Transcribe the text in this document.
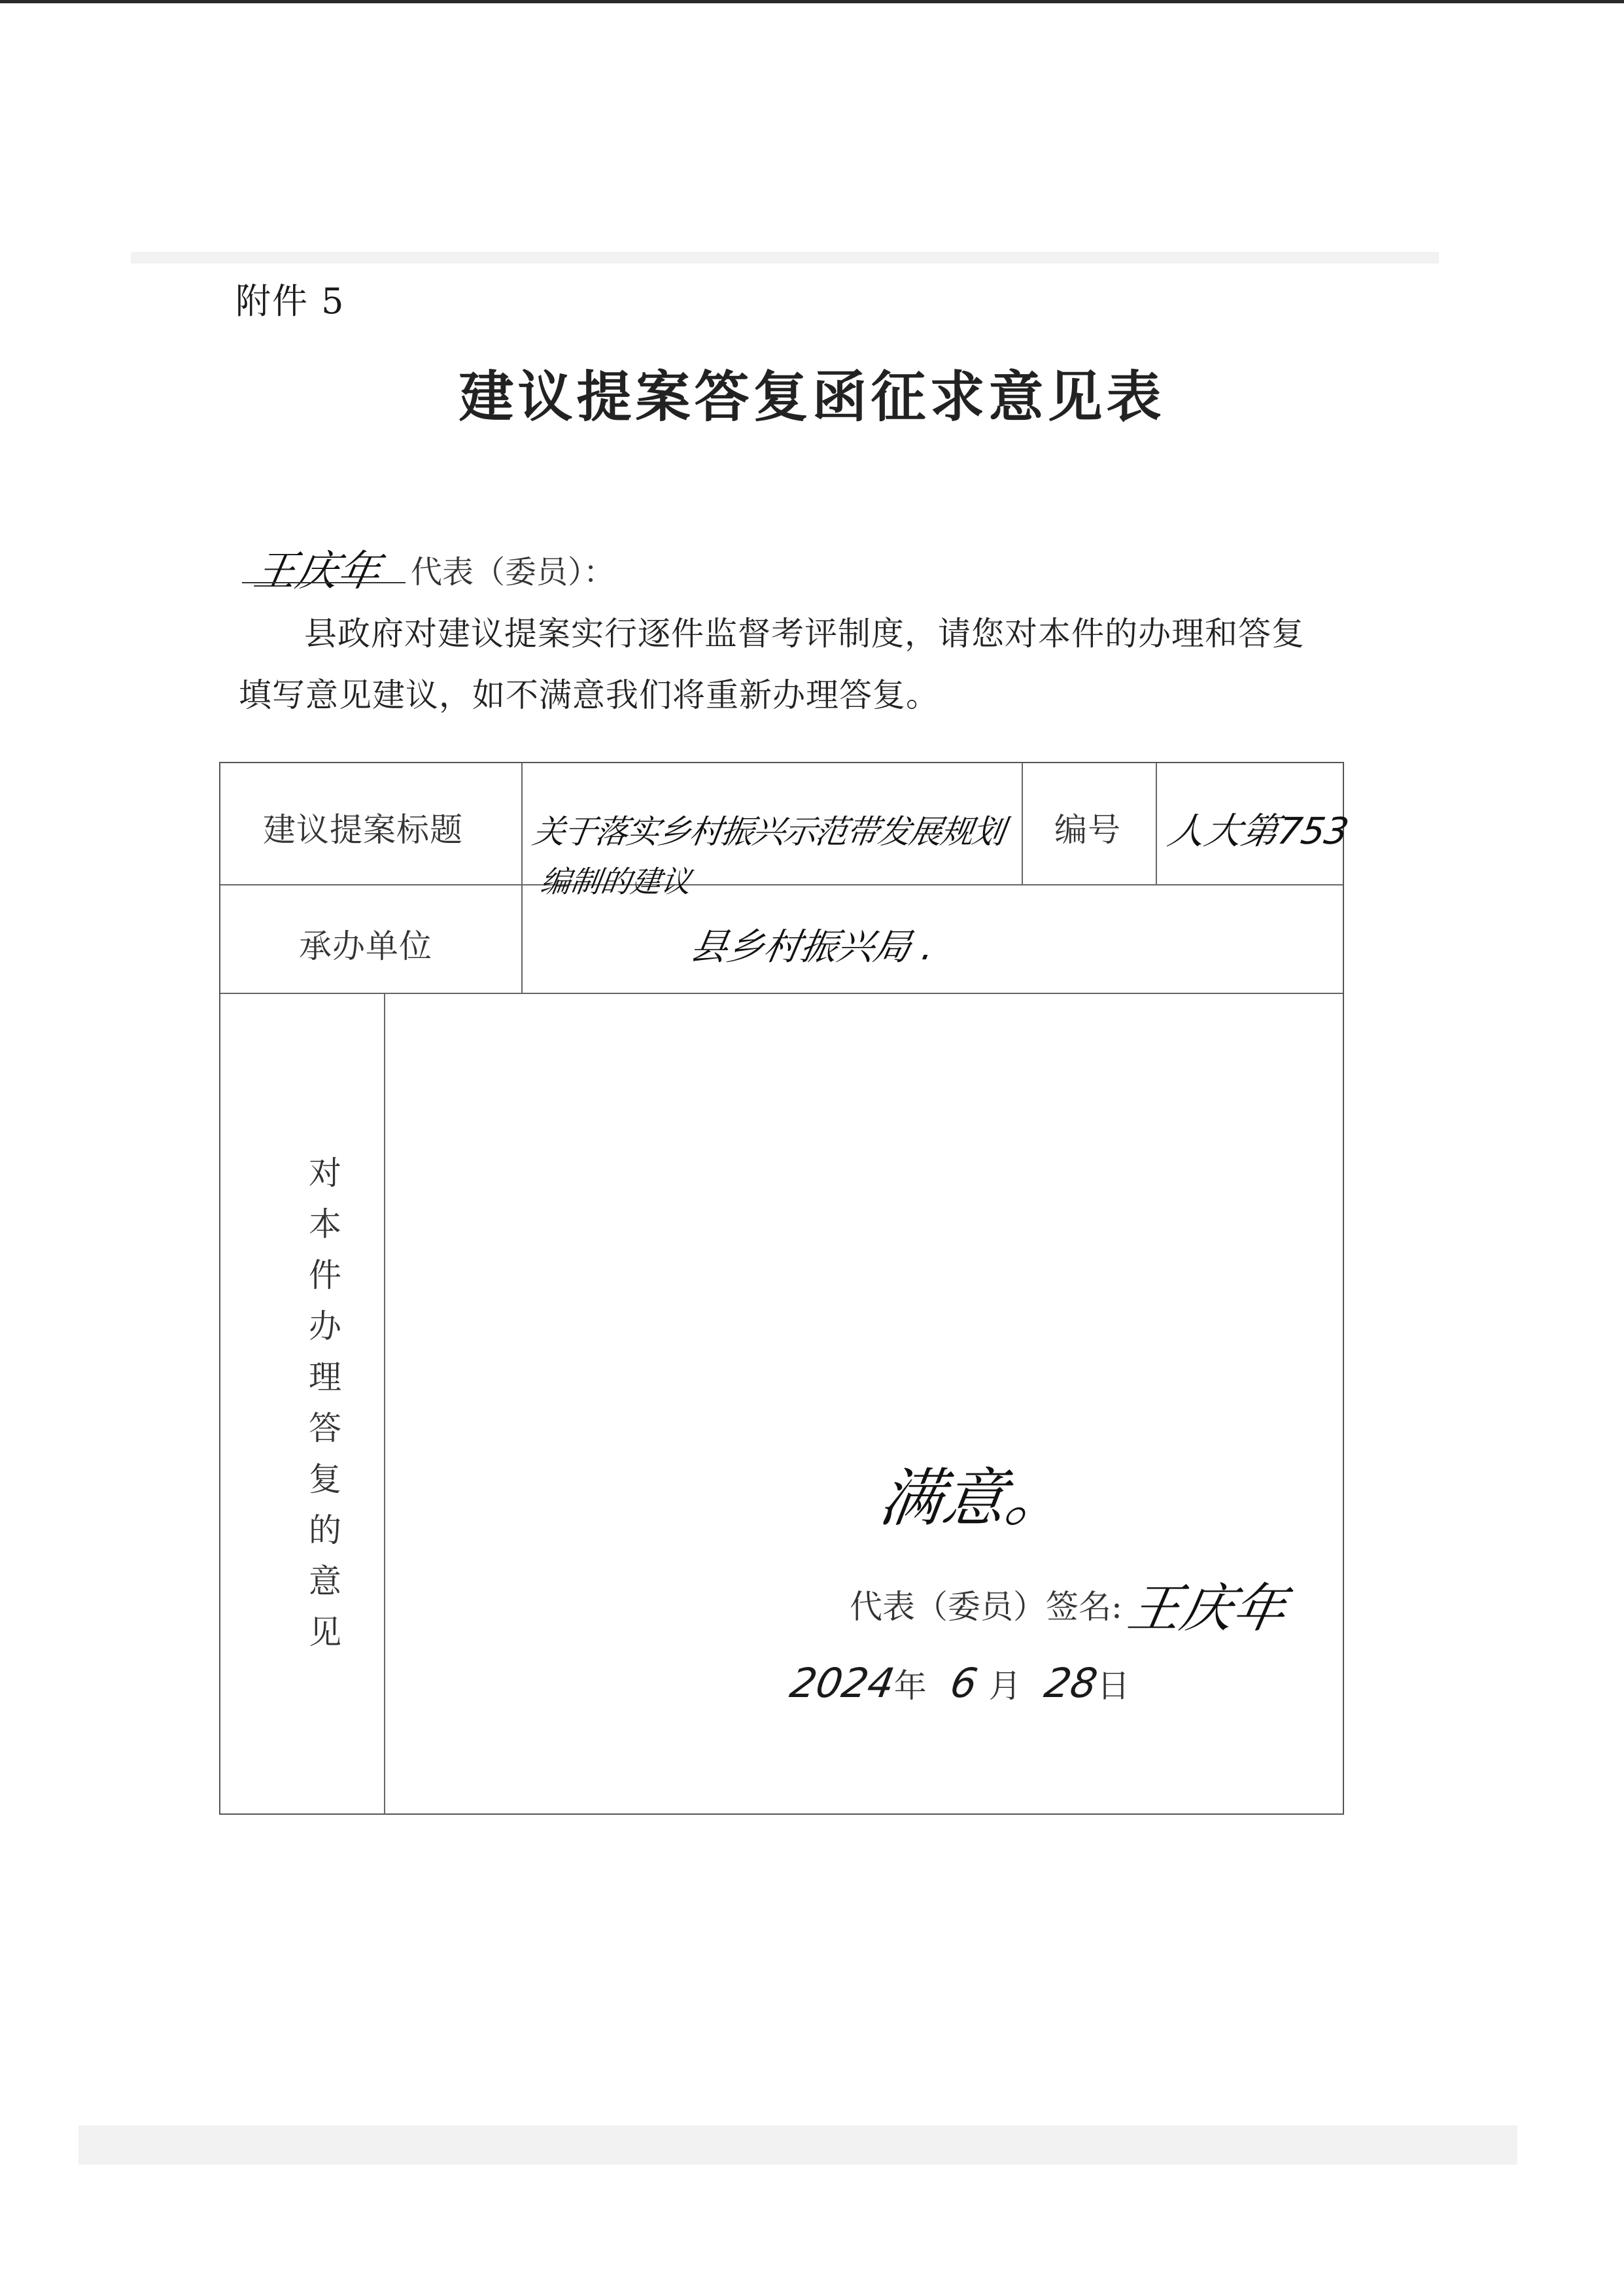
附件 5
建议提案答复函征求意见表
王庆年 代表（委员）：
县政府对建议提案实行逐件监督考评制度，请您对本件的办理和答复填写意见建议，如不满意我们将重新办理答复。
建议提案标题 关于落实乡村振兴示范带发展规划
编制的建议
编号 人大第753
承办单位	县乡村振兴局 .
对
本
件
办
理
答
复
的
意
见
满意。
代表（委员）签名: 王庆年
2024年 6 月 28日
